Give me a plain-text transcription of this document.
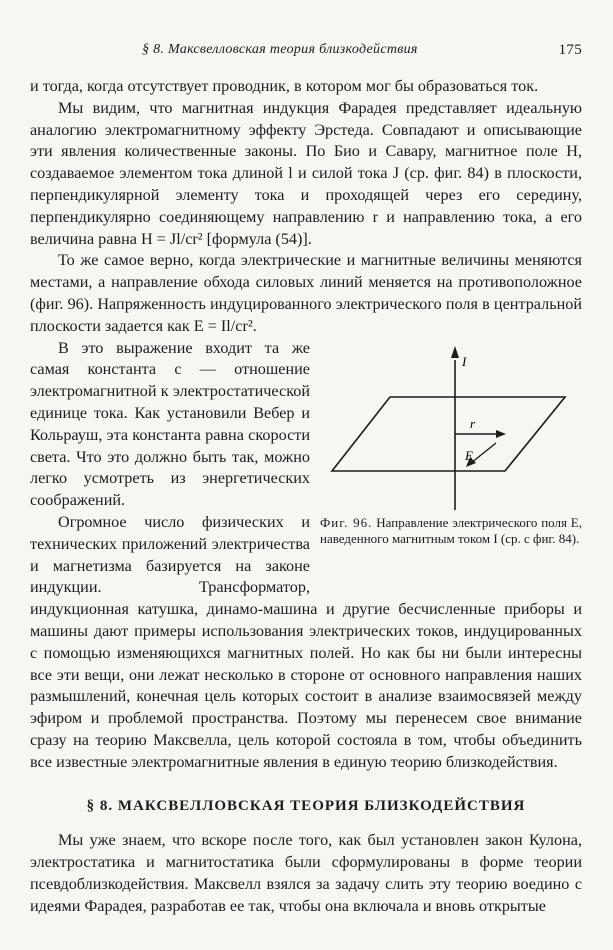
§ 8. Максвелловская теория близкодействия	175

и тогда, когда отсутствует проводник, в котором мог бы образоваться ток.

Мы видим, что магнитная индукция Фарадея представляет идеальную аналогию электромагнитному эффекту Эрстеда. Совпадают и описывающие эти явления количественные законы. По Био и Савару, магнитное поле H, создаваемое элементом тока длиной l и силой тока J (ср. фиг. 84) в плоскости, перпендикулярной элементу тока и проходящей через его середину, перпендикулярно соединяющему направлению r и направлению тока, а его величина равна H = Jl/cr² [формула (54)].

То же самое верно, когда электрические и магнитные величины меняются местами, а направление обхода силовых линий меняется на противоположное (фиг. 96). Напряженность индуцированного электрического поля в центральной плоскости задается как E = Il/cr².

I
r
E
Фиг. 96. Направление электрического поля E, наведенного магнитным током I (ср. с фиг. 84).

В это выражение входит та же самая константа c — отношение электромагнитной к электростатической единице тока. Как установили Вебер и Кольрауш, эта константа равна скорости света. Что это должно быть так, можно легко усмотреть из энергетических соображений.

Огромное число физических и технических приложений электричества и магнетизма базируется на законе индукции. Трансформатор, индукционная катушка, динамо-машина и другие бесчисленные приборы и машины дают примеры использования электрических токов, индуцированных с помощью изменяющихся магнитных полей. Но как бы ни были интересны все эти вещи, они лежат несколько в стороне от основного направления наших размышлений, конечная цель которых состоит в анализе взаимосвязей между эфиром и проблемой пространства. Поэтому мы перенесем свое внимание сразу на теорию Максвелла, цель которой состояла в том, чтобы объединить все известные электромагнитные явления в единую теорию близкодействия.

§ 8. МАКСВЕЛЛОВСКАЯ ТЕОРИЯ БЛИЗКОДЕЙСТВИЯ

Мы уже знаем, что вскоре после того, как был установлен закон Кулона, электростатика и магнитостатика были сформулированы в форме теории псевдоблизкодействия. Максвелл взялся за задачу слить эту теорию воедино с идеями Фарадея, разработав ее так, чтобы она включала и вновь открытые
